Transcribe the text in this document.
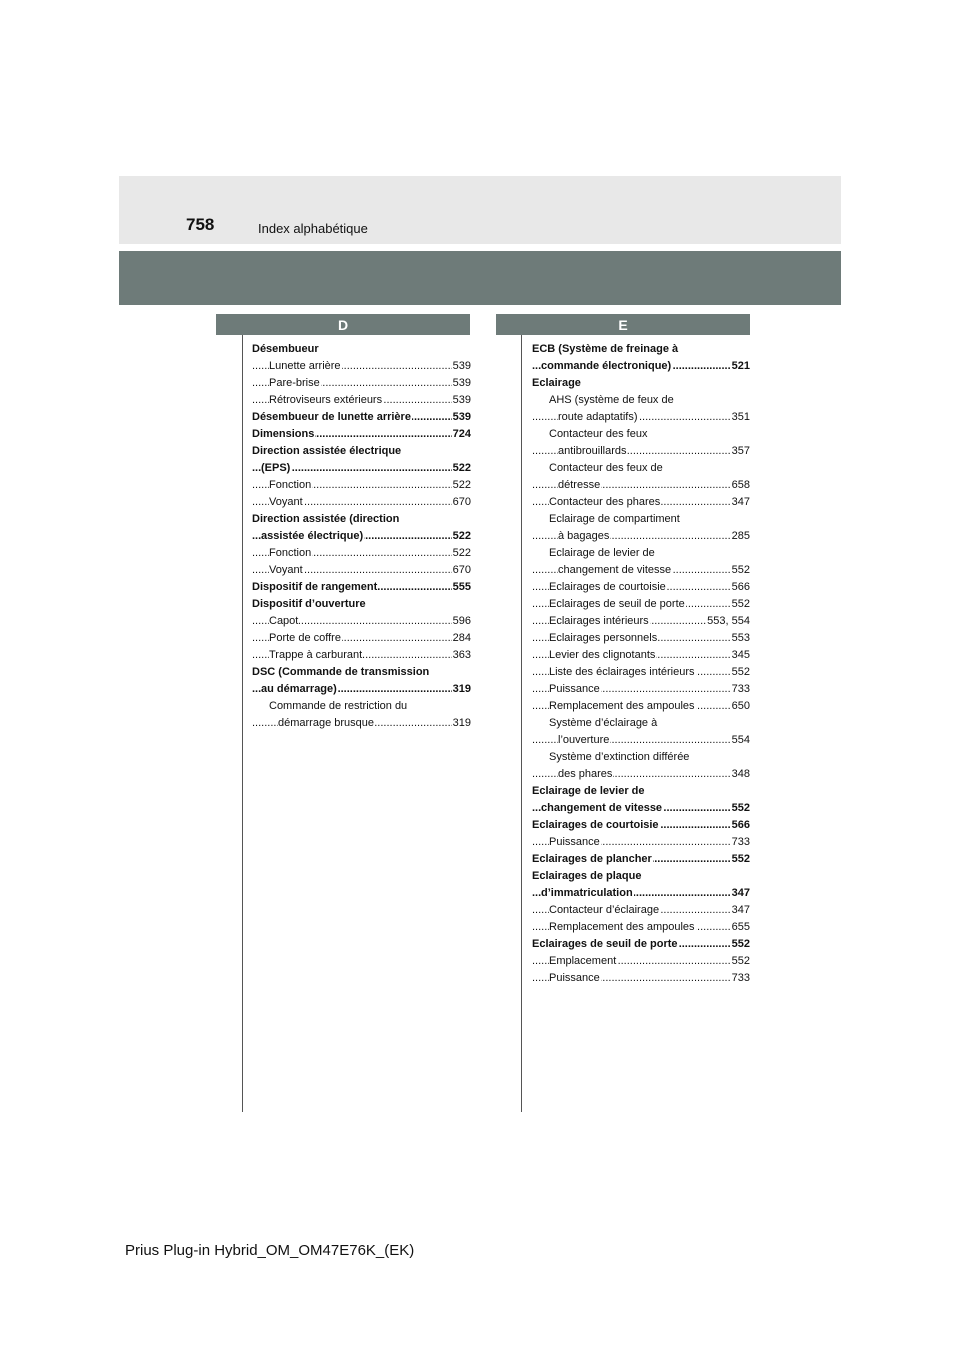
758	Index alphabétique
D	E
Désembueur
Lunette arrière	539
.....
Pare-brise	539
.....
Rétroviseurs extérieurs	539
.....
Désembueur de lunette arrière	539
.....
Dimensions	724
.....
Direction assistée électrique
(EPS)	522
.....
Fonction	522
.....
Voyant	670
.....
Direction assistée (direction
assistée électrique)	522
.....
Fonction	522
.....
Voyant	670
.....
Dispositif de rangement	555
.....
Dispositif d’ouverture
Capot	596
.....
Porte de coffre	284
.....
Trappe à carburant	363
.....
DSC (Commande de transmission
au démarrage)	319
.....
Commande de restriction du
démarrage brusque	319
.....
ECB (Système de freinage à
commande électronique)	521
.....
Eclairage
AHS (système de feux de
route adaptatifs)	351
.....
Contacteur des feux
antibrouillards	357
.....
Contacteur des feux de
détresse	658
.....
Contacteur des phares	347
.....
Eclairage de compartiment
à bagages	285
.....
Eclairage de levier de
changement de vitesse	552
.....
Eclairages de courtoisie	566
.....
Eclairages de seuil de porte	552
.....
Eclairages intérieurs	553, 554
.....
Eclairages personnels	553
.....
Levier des clignotants	345
.....
Liste des éclairages intérieurs	552
.....
Puissance	733
.....
Remplacement des ampoules	650
.....
Système d’éclairage à
l’ouverture	554
.....
Système d’extinction différée
des phares	348
.....
Eclairage de levier de
changement de vitesse	552
.....
Eclairages de courtoisie	566
.....
Puissance	733
.....
Eclairages de plancher	552
.....
Eclairages de plaque
d’immatriculation	347
.....
Contacteur d’éclairage	347
.....
Remplacement des ampoules	655
.....
Eclairages de seuil de porte	552
.....
Emplacement	552
.....
Puissance	733
.....
Prius Plug-in Hybrid_OM_OM47E76K_(EK)
